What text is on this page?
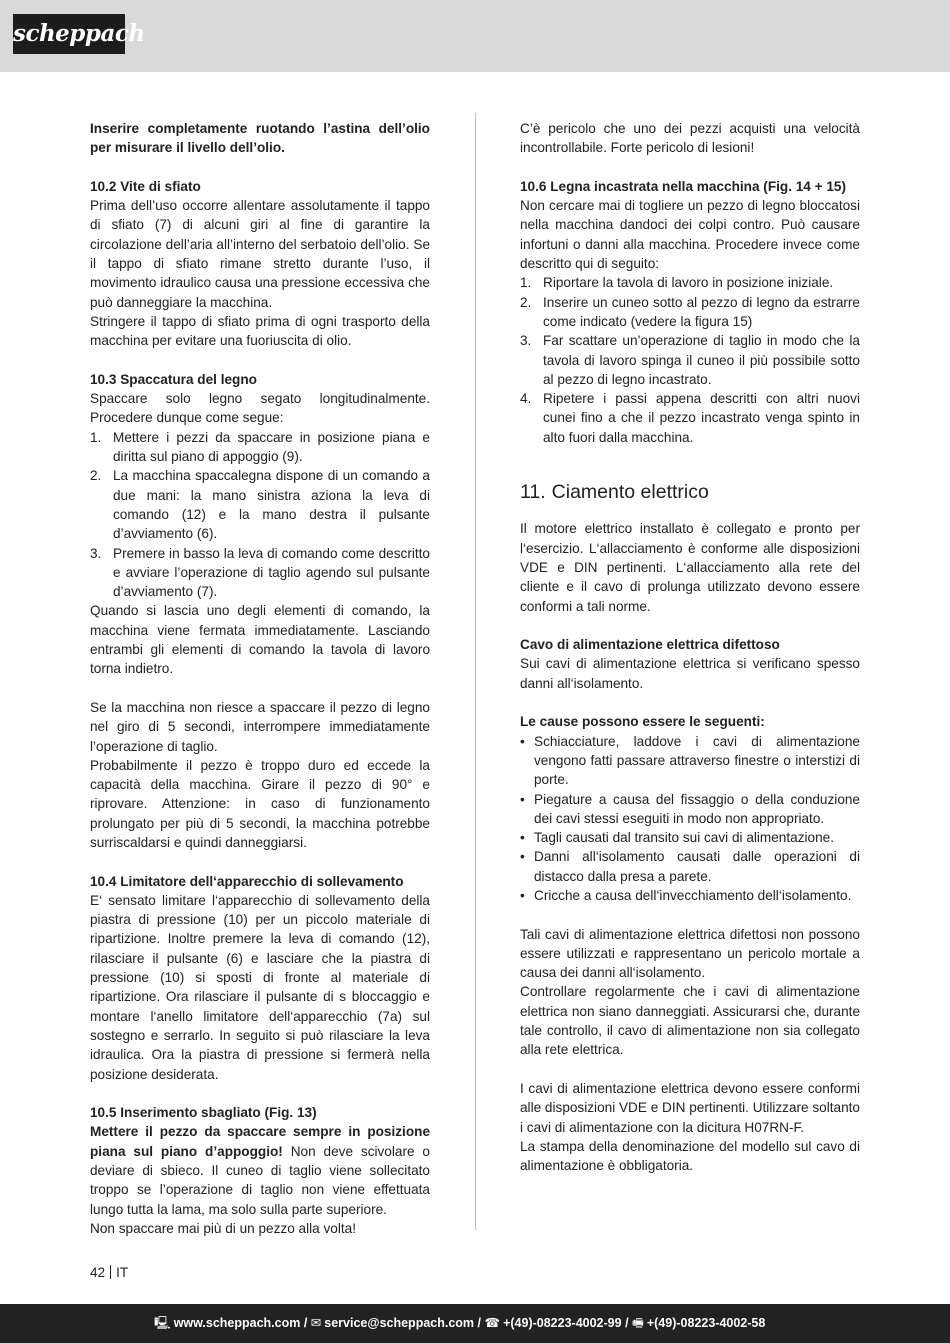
scheppach

Inserire completamente ruotando l’astina dell’olio per misurare il livello dell’olio.

10.2 Vite di sfiato

Prima dell’uso occorre allentare assolutamente il tappo di sfiato (7) di alcuni giri al fine di garantire la circolazione dell’aria all’interno del serbatoio dell’olio. Se il tappo di sfiato rimane stretto durante l’uso, il movimento idraulico causa una pressione eccessiva che può danneggiare la macchina.

Stringere il tappo di sfiato prima di ogni trasporto della macchina per evitare una fuoriuscita di olio.

10.3 Spaccatura del legno

Spaccare solo legno segato longitudinalmente. Procedere dunque come segue:

1. Mettere i pezzi da spaccare in posizione piana e diritta sul piano di appoggio (9).
2. La macchina spaccalegna dispone di un comando a due mani: la mano sinistra aziona la leva di comando (12) e la mano destra il pulsante d’avviamento (6).
3. Premere in basso la leva di comando come descritto e avviare l’operazione di taglio agendo sul pulsante d’avviamento (7).

Quando si lascia uno degli elementi di comando, la macchina viene fermata immediatamente. Lasciando entrambi gli elementi di comando la tavola di lavoro torna indietro.

Se la macchina non riesce a spaccare il pezzo di legno nel giro di 5 secondi, interrompere immediatamente l’operazione di taglio.

Probabilmente il pezzo è troppo duro ed eccede la capacità della macchina. Girare il pezzo di 90° e riprovare. Attenzione: in caso di funzionamento prolungato per più di 5 secondi, la macchina potrebbe surriscaldarsi e quindi danneggiarsi.

10.4 Limitatore dell‘apparecchio di sollevamento

E‘ sensato limitare l‘apparecchio di sollevamento della piastra di pressione (10) per un piccolo materiale di ripartizione. Inoltre premere la leva di comando (12), rilasciare il pulsante (6) e lasciare che la piastra di pressione (10) si sposti di fronte al materiale di ripartizione. Ora rilasciare il pulsante di s bloccaggio e montare l‘anello limitatore dell‘apparecchio (7a) sul sostegno e serrarlo. In seguito si può rilasciare la leva idraulica. Ora la piastra di pressione si fermerà nella posizione desiderata.

10.5 Inserimento sbagliato (Fig. 13)

Mettere il pezzo da spaccare sempre in posizione piana sul piano d’appoggio! Non deve scivolare o deviare di sbieco. Il cuneo di taglio viene sollecitato troppo se l’operazione di taglio non viene effettuata lungo tutta la lama, ma solo sulla parte superiore.

Non spaccare mai più di un pezzo alla volta!

C’è pericolo che uno dei pezzi acquisti una velocità incontrollabile. Forte pericolo di lesioni!

10.6 Legna incastrata nella macchina (Fig. 14 + 15)

Non cercare mai di togliere un pezzo di legno bloccatosi nella macchina dandoci dei colpi contro. Può causare infortuni o danni alla macchina. Procedere invece come descritto qui di seguito:

1. Riportare la tavola di lavoro in posizione iniziale.
2. Inserire un cuneo sotto al pezzo di legno da estrarre come indicato (vedere la figura 15)
3. Far scattare un’operazione di taglio in modo che la tavola di lavoro spinga il cuneo il più possibile sotto al pezzo di legno incastrato.
4. Ripetere i passi appena descritti con altri nuovi cunei fino a che il pezzo incastrato venga spinto in alto fuori dalla macchina.
11. Ciamento elettrico

Il motore elettrico installato è collegato e pronto per l‘esercizio. L‘allacciamento è conforme alle disposizioni VDE e DIN pertinenti. L‘allacciamento alla rete del cliente e il cavo di prolunga utilizzato devono essere conformi a tali norme.

Cavo di alimentazione elettrica difettoso

Sui cavi di alimentazione elettrica si verificano spesso danni all‘isolamento.

Le cause possono essere le seguenti:

• Schiacciature, laddove i cavi di alimentazione vengono fatti passare attraverso finestre o interstizi di porte.
• Piegature a causa del fissaggio o della conduzione dei cavi stessi eseguiti in modo non appropriato.
• Tagli causati dal transito sui cavi di alimentazione.
• Danni all‘isolamento causati dalle operazioni di distacco dalla presa a parete.
• Cricche a causa dell‘invecchiamento dell‘isolamento.

Tali cavi di alimentazione elettrica difettosi non possono essere utilizzati e rappresentano un pericolo mortale a causa dei danni all‘isolamento.

Controllare regolarmente che i cavi di alimentazione elettrica non siano danneggiati. Assicurarsi che, durante tale controllo, il cavo di alimentazione non sia collegato alla rete elettrica.

I cavi di alimentazione elettrica devono essere conformi alle disposizioni VDE e DIN pertinenti. Utilizzare soltanto i cavi di alimentazione con la dicitura H07RN-F.

La stampa della denominazione del modello sul cavo di alimentazione è obbligatoria.

42 IT
🖳 www.scheppach.com / ✉ service@scheppach.com / ☎ +(49)-08223-4002-99 / 🖷 +(49)-08223-4002-58
